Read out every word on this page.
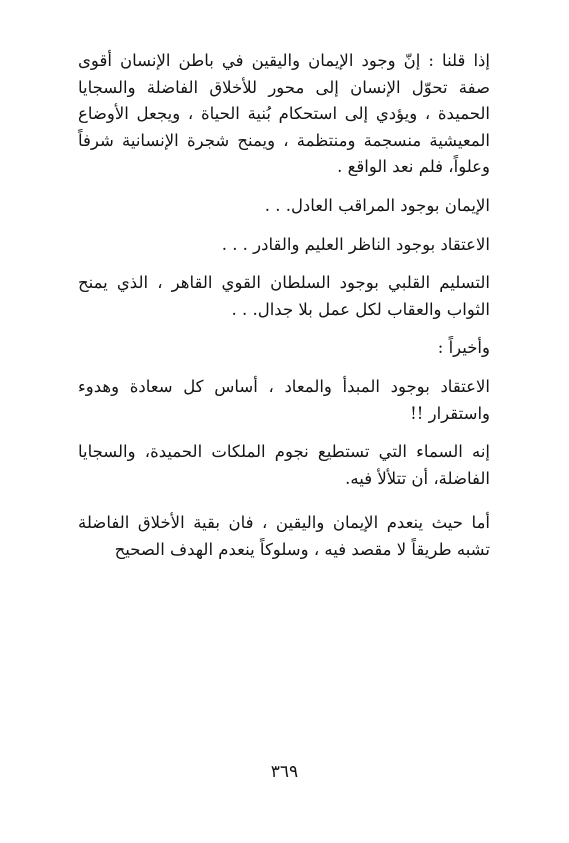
إذا قلنا : إنّ وجود الإيمان واليقين في باطن الإنسان أقوى صفة تحوّل الإنسان إلى محور للأخلاق الفاضلة والسجايا الحميدة ، ويؤدي إلى استحكام بُنية الحياة ، ويجعل الأوضاع المعيشية منسجمة ومنتظمة ، ويمنح شجرة الإنسانية شرفاً وعلواً، فلم نعد الواقع .

الإيمان بوجود المراقب العادل. . .

الاعتقاد بوجود الناظر العليم والقادر . . .

التسليم القلبي بوجود السلطان القوي القاهر ، الذي يمنح الثواب والعقاب لكل عمل بلا جدال. . .

وأخيراً :

الاعتقاد بوجود المبدأ والمعاد ، أساس كل سعادة وهدوء واستقرار !!

إنه السماء التي تستطيع نجوم الملكات الحميدة، والسجايا الفاضلة، أن تتلألأ فيه.

أما حيث ينعدم الإيمان واليقين ، فان بقية الأخلاق الفاضلة تشبه طريقاً لا مقصد فيه ، وسلوكاً ينعدم الهدف الصحيح

٣٦٩
